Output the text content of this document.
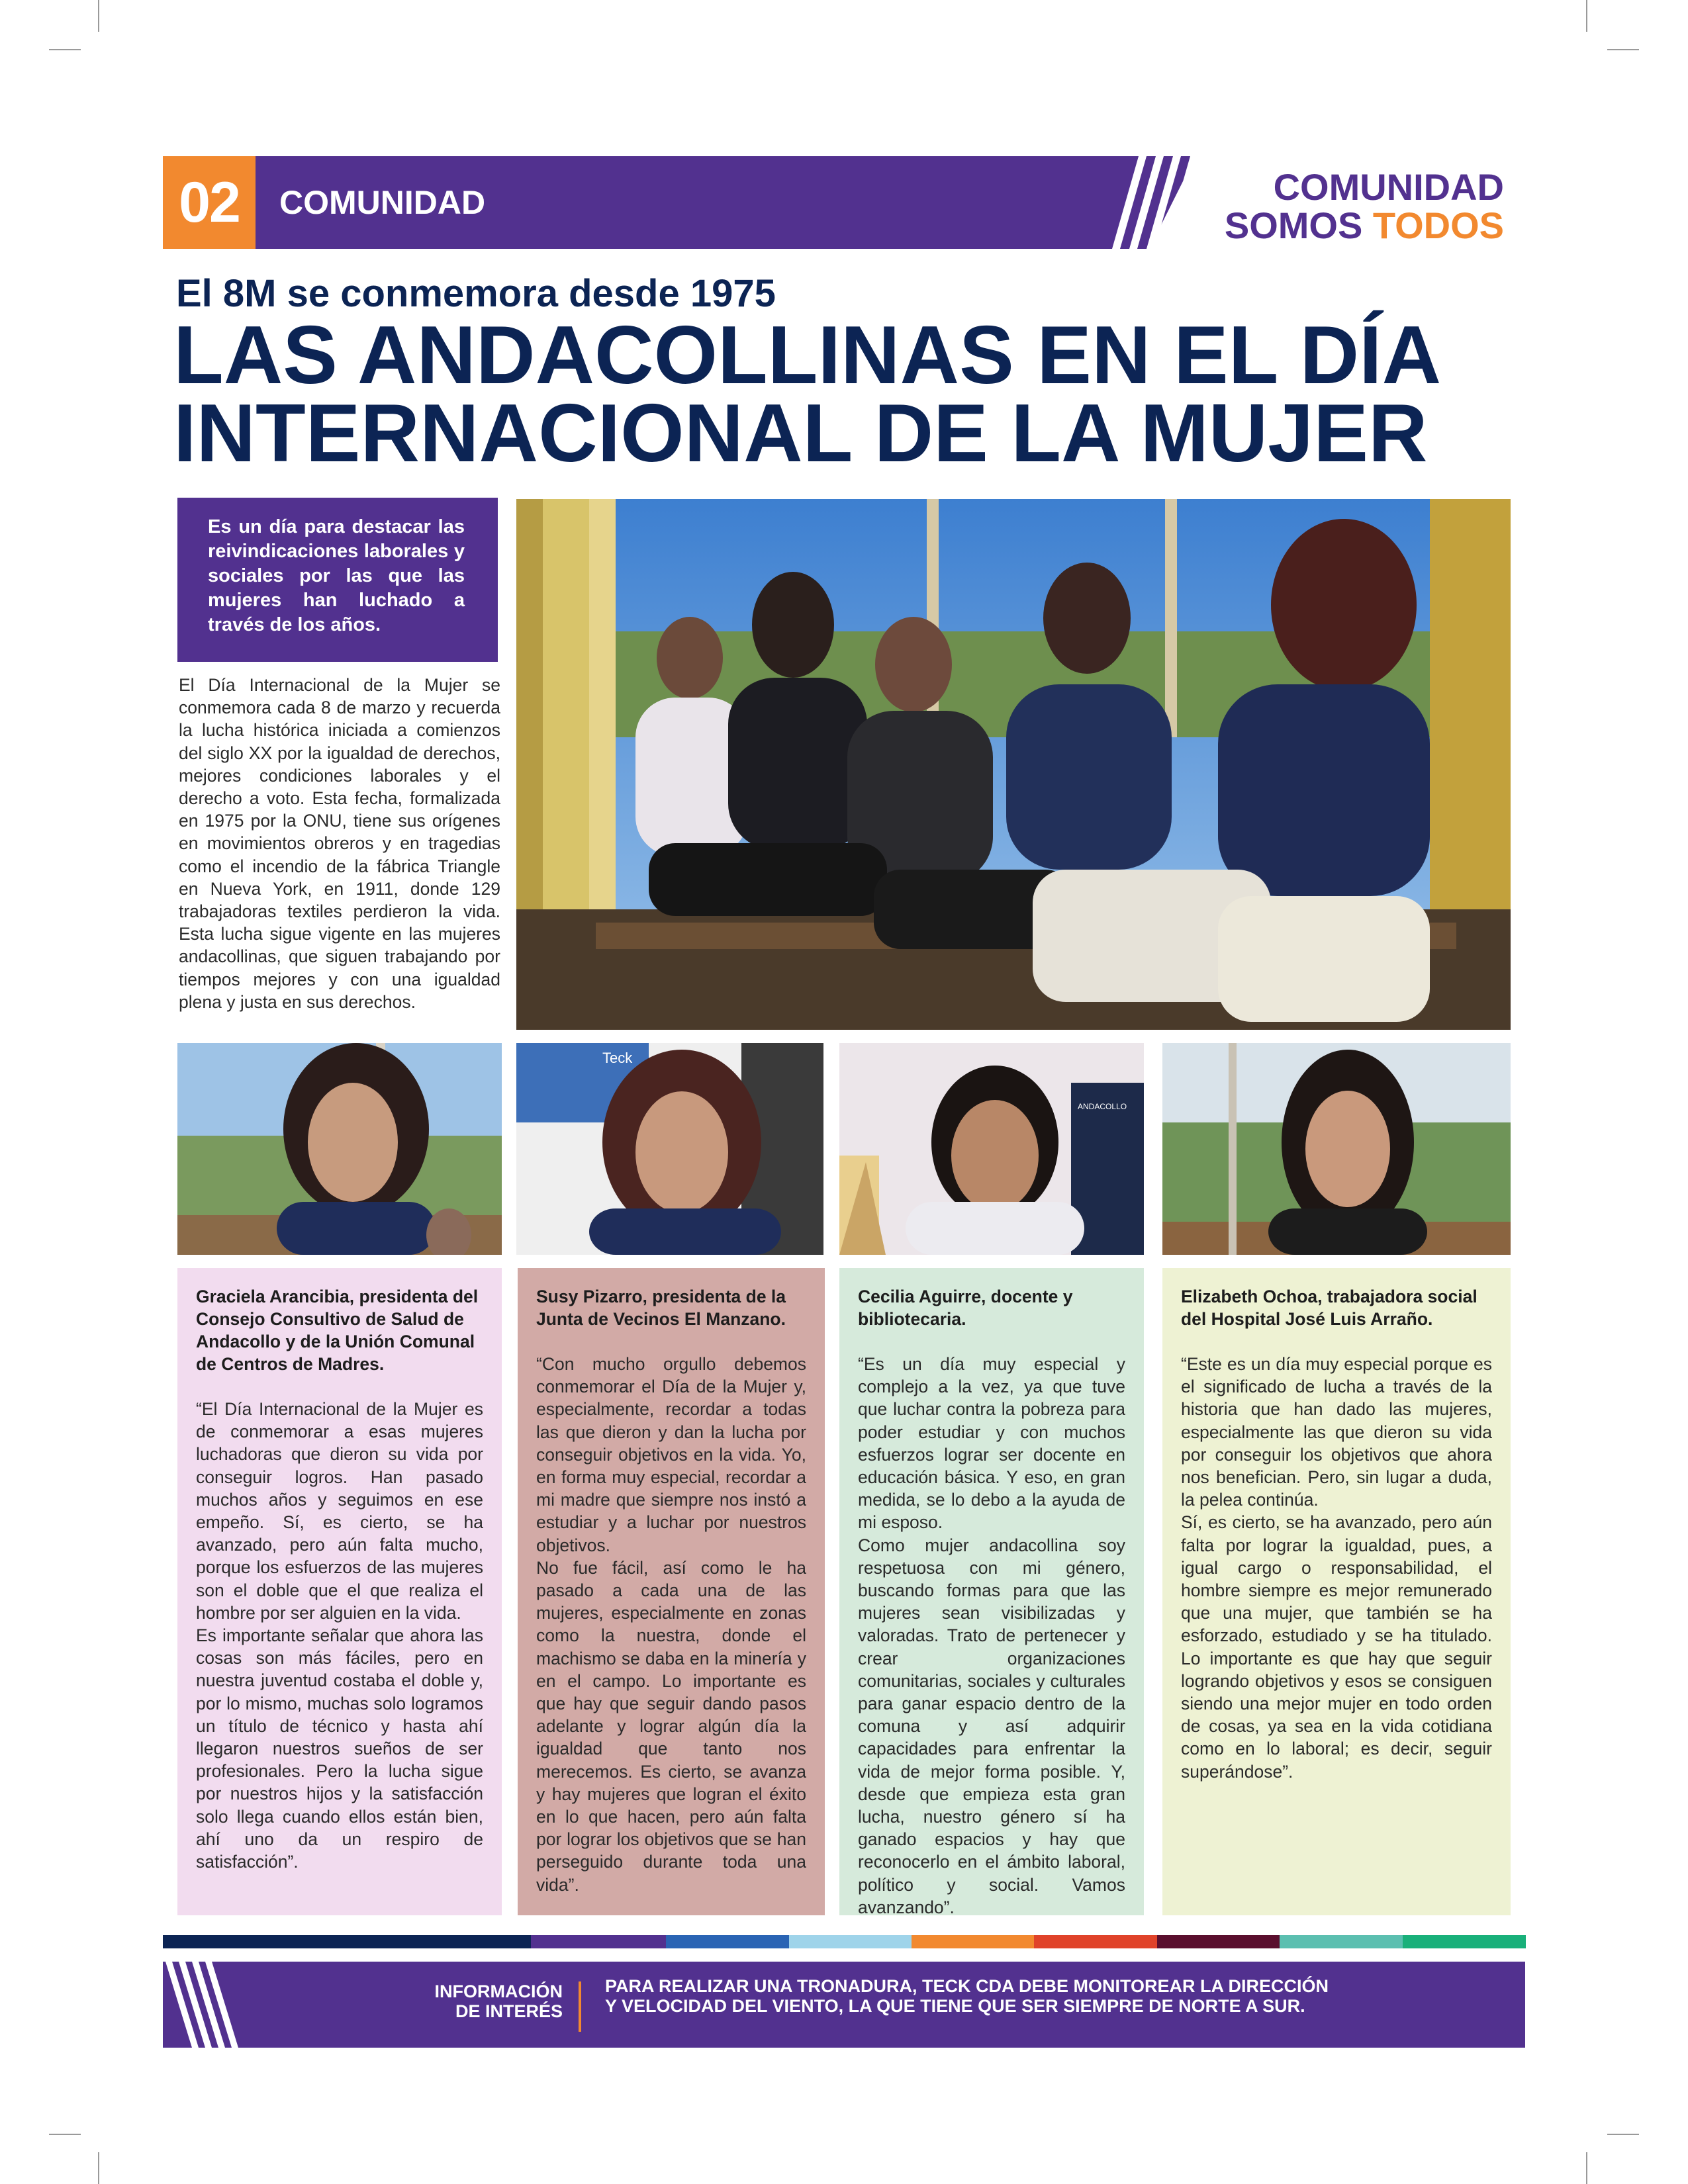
02	COMUNIDAD	COMUNIDAD
SOMOS TODOS
El 8M se conmemora desde 1975
LAS ANDACOLLINAS EN EL DÍA
INTERNACIONAL DE LA MUJER
Es un día para destacar las reivindicaciones laborales y sociales por las que las mujeres han luchado a través de los años.
El Día Internacional de la Mujer se conmemora cada 8 de marzo y recuerda la lucha histórica iniciada a comienzos del siglo XX por la igualdad de derechos, mejores condiciones laborales y el derecho a voto. Esta fecha, formalizada en 1975 por la ONU, tiene sus orígenes en movimientos obreros y en tragedias como el incendio de la fábrica Triangle en Nueva York, en 1911, donde 129 trabajadoras textiles perdieron la vida. Esta lucha sigue vigente en las mujeres andacollinas, que siguen trabajando por tiempos mejores y con una igualdad plena y justa en sus derechos.
Teck
ANDACOLLO
Graciela Arancibia, presidenta del Consejo Consultivo de Salud de Andacollo y de la Unión Comunal de Centros de Madres.
“El Día Internacional de la Mujer es de conmemorar a esas mujeres luchadoras que dieron su vida por conseguir logros. Han pasado muchos años y seguimos en ese empeño. Sí, es cierto, se ha avanzado, pero aún falta mucho, porque los esfuerzos de las mujeres son el doble que el que realiza el hombre por ser alguien en la vida.
Es importante señalar que ahora las cosas son más fáciles, pero en nuestra juventud costaba el doble y, por lo mismo, muchas solo logramos un título de técnico y hasta ahí llegaron nuestros sueños de ser profesionales. Pero la lucha sigue por nuestros hijos y la satisfacción solo llega cuando ellos están bien, ahí uno da un respiro de satisfacción”.
Susy Pizarro, presidenta de la Junta de Vecinos El Manzano.
“Con mucho orgullo debemos conmemorar el Día de la Mujer y, especialmente, recordar a todas las que dieron y dan la lucha por conseguir objetivos en la vida. Yo, en forma muy especial, recordar a mi madre que siempre nos instó a estudiar y a luchar por nuestros objetivos.
No fue fácil, así como le ha pasado a cada una de las mujeres, especialmente en zonas como la nuestra, donde el machismo se daba en la minería y en el campo. Lo importante es que hay que seguir dando pasos adelante y lograr algún día la igualdad que tanto nos merecemos. Es cierto, se avanza y hay mujeres que logran el éxito en lo que hacen, pero aún falta por lograr los objetivos que se han perseguido durante toda una vida”.
Cecilia Aguirre, docente y bibliotecaria.
“Es un día muy especial y complejo a la vez, ya que tuve que luchar contra la pobreza para poder estudiar y con muchos esfuerzos lograr ser docente en educación básica. Y eso, en gran medida, se lo debo a la ayuda de mi esposo.
Como mujer andacollina soy respetuosa con mi género, buscando formas para que las mujeres sean visibilizadas y valoradas. Trato de pertenecer y crear organizaciones comunitarias, sociales y culturales para ganar espacio dentro de la comuna y así adquirir capacidades para enfrentar la vida de mejor forma posible. Y, desde que empieza esta gran lucha, nuestro género sí ha ganado espacios y hay que reconocerlo en el ámbito laboral, político y social. Vamos avanzando”.
Elizabeth Ochoa, trabajadora social del Hospital José Luis Arraño.
“Este es un día muy especial porque es el significado de lucha a través de la historia que han dado las mujeres, especialmente las que dieron su vida por conseguir los objetivos que ahora nos benefician. Pero, sin lugar a duda, la pelea continúa.
Sí, es cierto, se ha avanzado, pero aún falta por lograr la igualdad, pues, a igual cargo o responsabilidad, el hombre siempre es mejor remunerado que una mujer, que también se ha esforzado, estudiado y se ha titulado. Lo importante es que hay que seguir logrando objetivos y esos se consiguen siendo una mejor mujer en todo orden de cosas, ya sea en la vida cotidiana como en lo laboral; es decir, seguir superándose”.
INFORMACIÓN
DE INTERÉS
PARA REALIZAR UNA TRONADURA, TECK CDA DEBE MONITOREAR LA DIRECCIÓN Y VELOCIDAD DEL VIENTO, LA QUE TIENE QUE SER SIEMPRE DE NORTE A SUR.
